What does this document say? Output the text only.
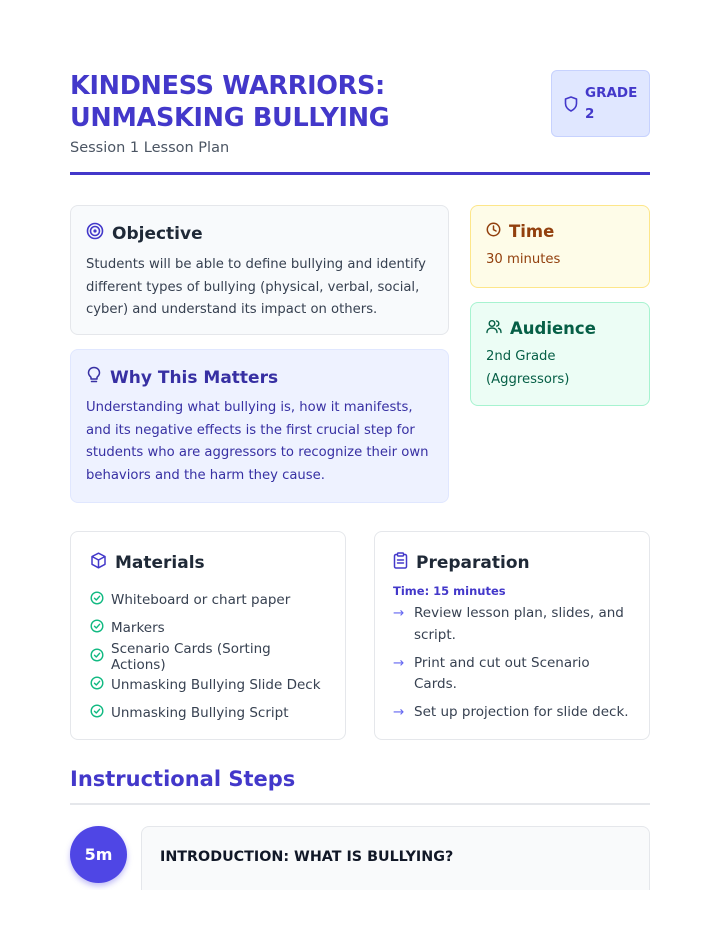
KINDNESS WARRIORS: UNMASKING BULLYING
Session 1 Lesson Plan
GRADE 2
Objective

Students will be able to define bullying and identify different types of bullying (physical, verbal, social, cyber) and understand its impact on others.

Why This Matters

Understanding what bullying is, how it manifests, and its negative effects is the first crucial step for students who are aggressors to recognize their own behaviors and the harm they cause.

Time

30 minutes

Audience

2nd Grade (Aggressors)

Materials
Whiteboard or chart paper
Markers
Scenario Cards (Sorting Actions)
Unmasking Bullying Slide Deck
Unmasking Bullying Script
Preparation
Time: 15 minutes
→ Review lesson plan, slides, and script.
→ Print and cut out Scenario Cards.
→ Set up projection for slide deck.
Instructional Steps
5m	INTRODUCTION: WHAT IS BULLYING?
